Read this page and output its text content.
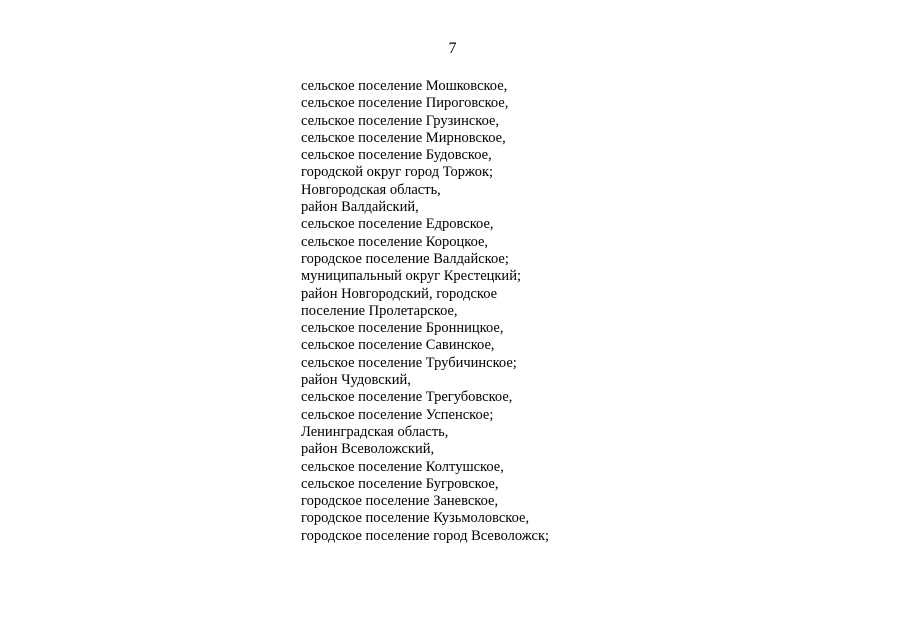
7
сельское поселение Мошковское,
сельское поселение Пироговское,
сельское поселение Грузинское,
сельское поселение Мирновское,
сельское поселение Будовское,
городской округ город Торжок;
Новгородская область,
район Валдайский,
сельское поселение Едровское,
сельское поселение Короцкое,
городское поселение Валдайское;
муниципальный округ Крестецкий;
район Новгородский, городское
поселение Пролетарское,
сельское поселение Бронницкое,
сельское поселение Савинское,
сельское поселение Трубичинское;
район Чудовский,
сельское поселение Трегубовское,
сельское поселение Успенское;
Ленинградская область,
район Всеволожский,
сельское поселение Колтушское,
сельское поселение Бугровское,
городское поселение Заневское,
городское поселение Кузьмоловское,
городское поселение город Всеволожск;
